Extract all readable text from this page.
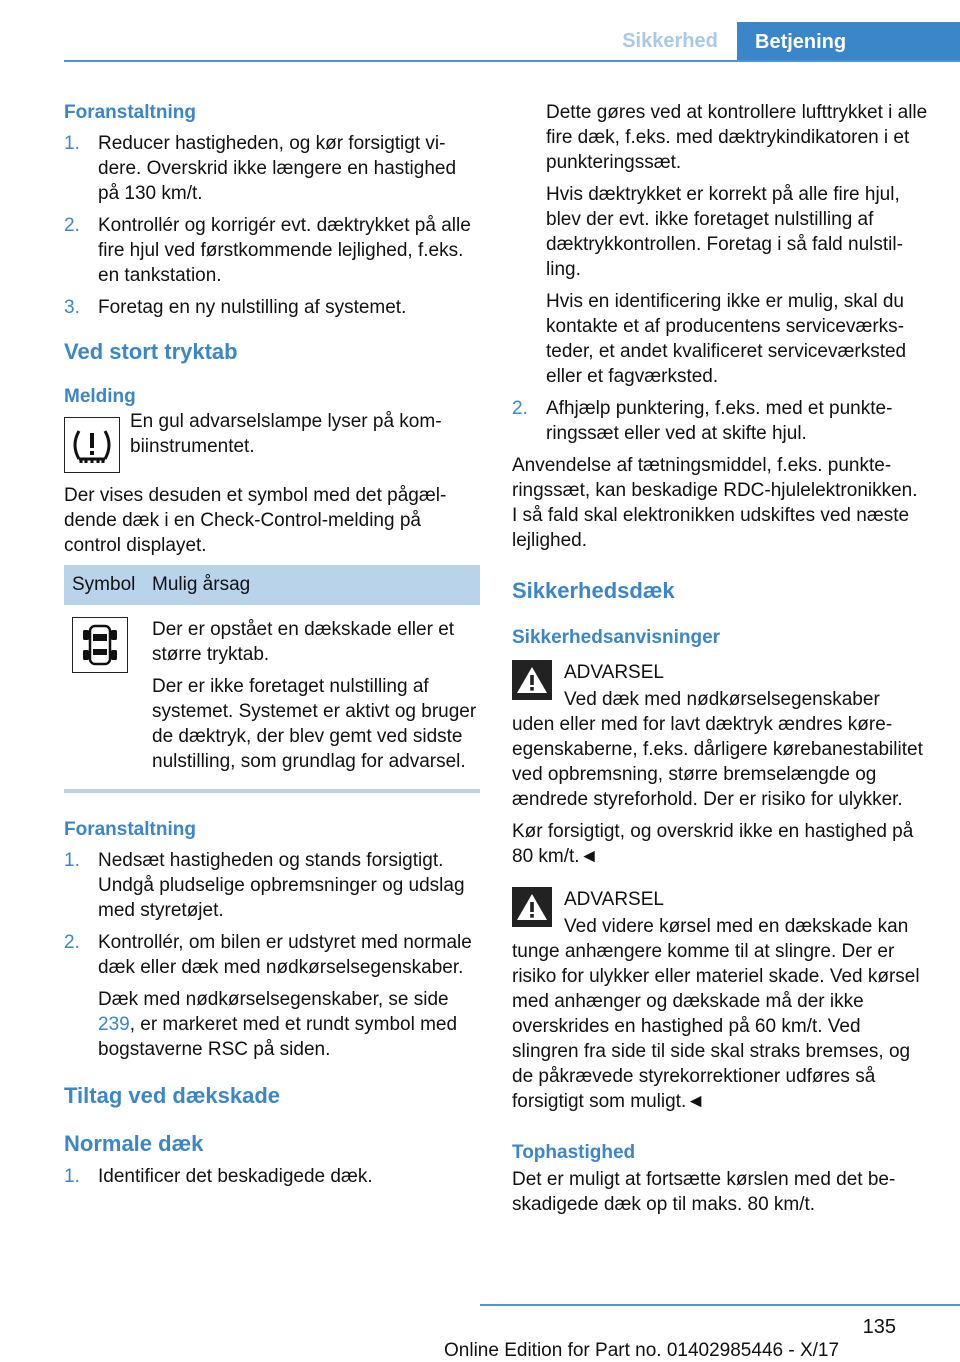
Sikkerhed	Betjening
Foranstaltning
1. Reducer hastigheden, og kør forsigtigt videre. Overskrid ikke længere en hastighed på 130 km/t.
2. Kontrollér og korrigér evt. dæktrykket på alle fire hjul ved førstkommende lejlighed, f.eks. en tankstation.
3. Foretag en ny nulstilling af systemet.
Ved stort tryktab
Melding
En gul advarselslampe lyser på kombiinstrumentet.
Der vises desuden et symbol med det pågældende dæk i en Check-Control-melding på control displayet.
Symbol Mulig årsag
Der er opstået en dækskade eller et større tryktab.
Der er ikke foretaget nulstilling af systemet. Systemet er aktivt og bruger de dæktryk, der blev gemt ved sidste nulstilling, som grundlag for advarsel.
Foranstaltning
1. Nedsæt hastigheden og stands forsigtigt. Undgå pludselige opbremsninger og udslag med styretøjet.
2. Kontrollér, om bilen er udstyret med normale dæk eller dæk med nødkørselsegenskaber.
Dæk med nødkørselsegenskaber, se side 239, er markeret med et rundt symbol med bogstaverne RSC på siden.
Tiltag ved dækskade
Normale dæk
1. Identificer det beskadigede dæk.
Dette gøres ved at kontrollere lufttrykket i alle fire dæk, f.eks. med dæktrykindikatoren i et punkteringssæt.
Hvis dæktrykket er korrekt på alle fire hjul, blev der evt. ikke foretaget nulstilling af dæktrykkontrollen. Foretag i så fald nulstilling.
Hvis en identificering ikke er mulig, skal du kontakte et af producentens serviceværksteder, et andet kvalificeret serviceværksted eller et fagværksted.
2. Afhjælp punktering, f.eks. med et punkteringssæt eller ved at skifte hjul.
Anvendelse af tætningsmiddel, f.eks. punkteringssæt, kan beskadige RDC-hjulelektronikken. I så fald skal elektronikken udskiftes ved næste lejlighed.
Sikkerhedsdæk
Sikkerhedsanvisninger
ADVARSEL
Ved dæk med nødkørselsegenskaber
uden eller med for lavt dæktryk ændres køreegenskaberne, f.eks. dårligere kørebanestabilitet ved opbremsning, større bremselængde og ændrede styreforhold. Der er risiko for ulykker.
Kør forsigtigt, og overskrid ikke en hastighed på 80 km/t.◄
ADVARSEL
Ved videre kørsel med en dækskade kan
tunge anhængere komme til at slingre. Der er risiko for ulykker eller materiel skade. Ved kørsel med anhænger og dækskade må der ikke overskrides en hastighed på 60 km/t. Ved slingren fra side til side skal straks bremses, og de påkrævede styrekorrektioner udføres så forsigtigt som muligt.◄
Tophastighed
Det er muligt at fortsætte kørslen med det beskadigede dæk op til maks. 80 km/t.
135
Online Edition for Part no. 01402985446 - X/17
